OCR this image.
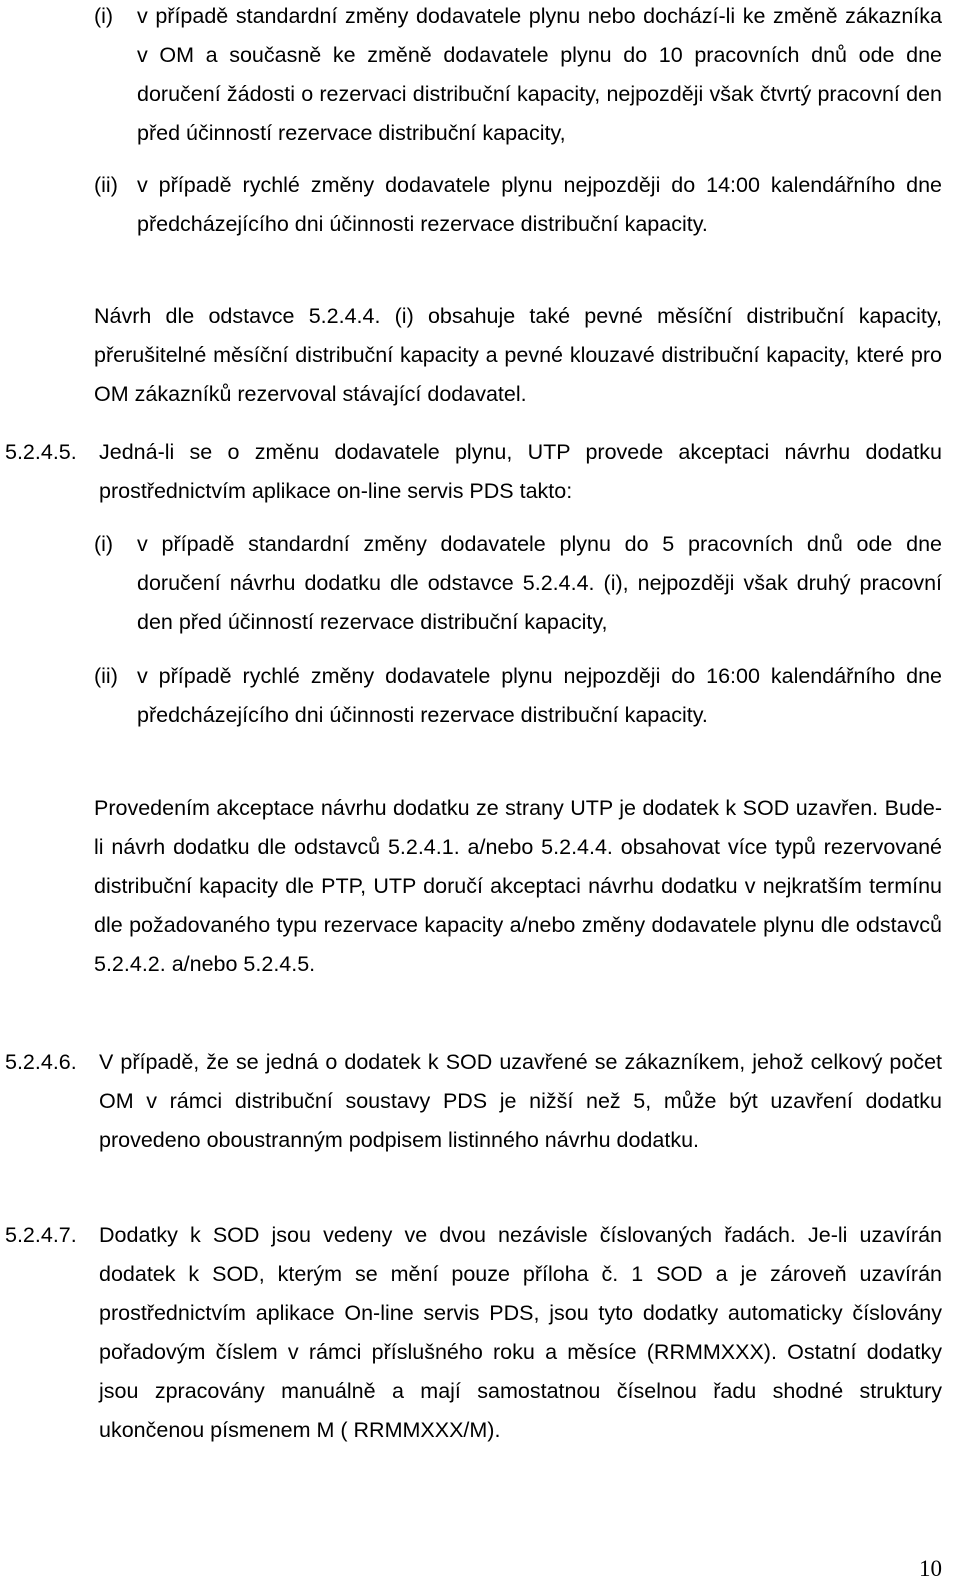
(i) v případě standardní změny dodavatele plynu nebo dochází-li ke změně zákazníka v OM a současně ke změně dodavatele plynu do 10 pracovních dnů ode dne doručení žádosti o rezervaci distribuční kapacity, nejpozději však čtvrtý pracovní den před účinností rezervace distribuční kapacity,

(ii) v případě rychlé změny dodavatele plynu nejpozději do 14:00 kalendářního dne předcházejícího dni účinnosti rezervace distribuční kapacity.

Návrh dle odstavce 5.2.4.4. (i) obsahuje také pevné měsíční distribuční kapacity, přerušitelné měsíční distribuční kapacity a pevné klouzavé distribuční kapacity, které pro OM zákazníků rezervoval stávající dodavatel.

5.2.4.5. Jedná-li se o změnu dodavatele plynu, UTP provede akceptaci návrhu dodatku prostřednictvím aplikace on-line servis PDS takto:

(i) v případě standardní změny dodavatele plynu do 5 pracovních dnů ode dne doručení návrhu dodatku dle odstavce 5.2.4.4. (i), nejpozději však druhý pracovní den před účinností rezervace distribuční kapacity,

(ii) v případě rychlé změny dodavatele plynu nejpozději do 16:00 kalendářního dne předcházejícího dni účinnosti rezervace distribuční kapacity.

Provedením akceptace návrhu dodatku ze strany UTP je dodatek k SOD uzavřen. Bude-li návrh dodatku dle odstavců 5.2.4.1. a/nebo 5.2.4.4. obsahovat více typů rezervované distribuční kapacity dle PTP, UTP doručí akceptaci návrhu dodatku v nejkratším termínu dle požadovaného typu rezervace kapacity a/nebo změny dodavatele plynu dle odstavců 5.2.4.2. a/nebo 5.2.4.5.

5.2.4.6. V případě, že se jedná o dodatek k SOD uzavřené se zákazníkem, jehož celkový počet OM v rámci distribuční soustavy PDS je nižší než 5, může být uzavření dodatku provedeno oboustranným podpisem listinného návrhu dodatku.

5.2.4.7. Dodatky k SOD jsou vedeny ve dvou nezávisle číslovaných řadách. Je-li uzavírán dodatek k SOD, kterým se mění pouze příloha č. 1 SOD a je zároveň uzavírán prostřednictvím aplikace On-line servis PDS, jsou tyto dodatky automaticky číslovány pořadovým číslem v rámci příslušného roku a měsíce (RRMMXXX). Ostatní dodatky jsou zpracovány manuálně a mají samostatnou číselnou řadu shodné struktury ukončenou písmenem M ( RRMMXXX/M).

10
